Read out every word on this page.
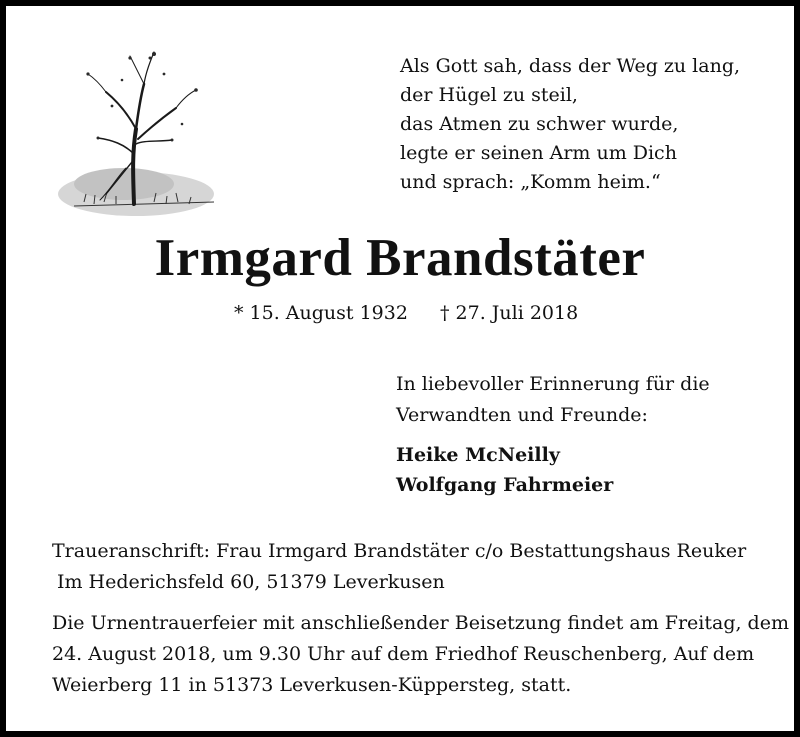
Als Gott sah, dass der Weg zu lang,
der Hügel zu steil,
das Atmen zu schwer wurde,
legte er seinen Arm um Dich
und sprach: „Komm heim.“
Irmgard Brandstäter
* 15. August 1932 † 27. Juli 2018
In liebevoller Erinnerung für die
Verwandten und Freunde:
Heike McNeilly
Wolfgang Fahrmeier
Traueranschrift: Frau Irmgard Brandstäter c/o Bestattungshaus Reuker
Im Hederichsfeld 60, 51379 Leverkusen
Die Urnentrauerfeier mit anschließender Beisetzung findet am Freitag, dem
24. August 2018, um 9.30 Uhr auf dem Friedhof Reuschenberg, Auf dem
Weierberg 11 in 51373 Leverkusen-Küppersteg, statt.
